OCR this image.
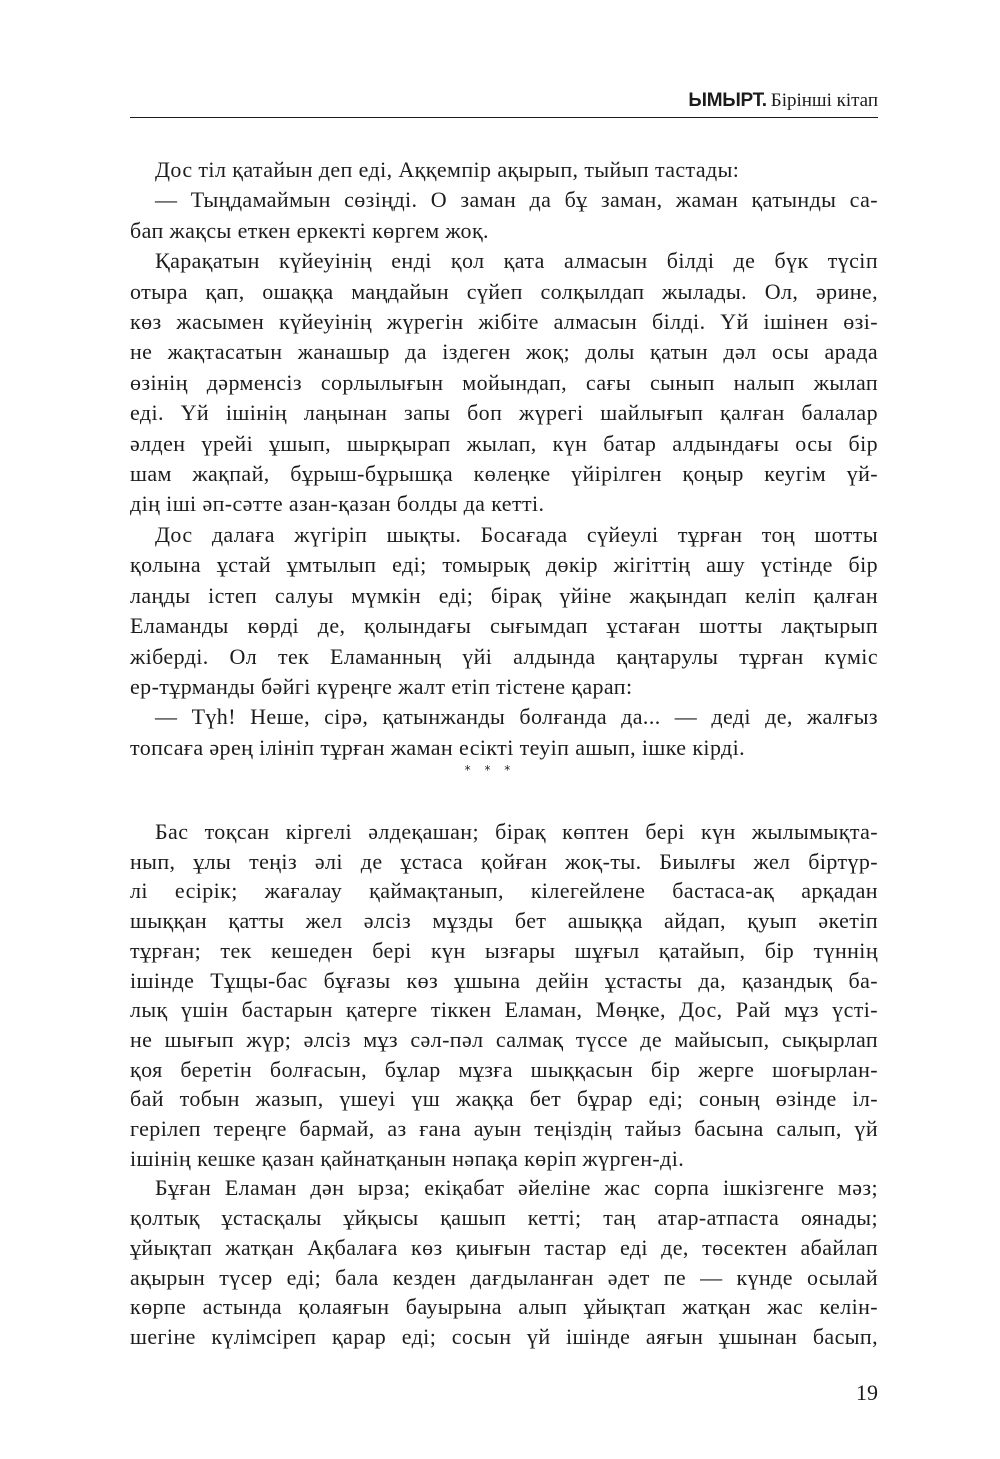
ЫМЫРТ. Бірінші кітап
Дос тіл қатайын деп еді, Аққемпір ақырып, тыйып тастады:
— Тыңдамаймын сөзіңді. О заман да бұ заман, жаман қатынды са-
бап жақсы еткен еркекті көргем жоқ.
Қарақатын күйеуінің енді қол қата алмасын білді де бүк түсіп
отыра қап, ошаққа маңдайын сүйеп солқылдап жылады. Ол, әрине,
көз жасымен күйеуінің жүрегін жібіте алмасын білді. Үй ішінен өзі-
не жақтасатын жанашыр да іздеген жоқ; долы қатын дәл осы арада
өзінің дәрменсіз сорлылығын мойындап, сағы сынып налып жылап
еді. Үй ішінің лаңынан запы боп жүрегі шайлығып қалған балалар
әлден үрейі ұшып, шырқырап жылап, күн батар алдындағы осы бір
шам жақпай, бұрыш-бұрышқа көлеңке үйірілген қоңыр кеугім үй-
дің іші әп-сәтте азан-қазан болды да кетті.
Дос далаға жүгіріп шықты. Босағада сүйеулі тұрған тоң шотты
қолына ұстай ұмтылып еді; томырық дөкір жігіттің ашу үстінде бір
лаңды істеп салуы мүмкін еді; бірақ үйіне жақындап келіп қалған
Еламанды көрді де, қолындағы сығымдап ұстаған шотты лақтырып
жіберді. Ол тек Еламанның үйі алдында қаңтарулы тұрған күміс
ер-тұрманды бәйгі күреңге жалт етіп тістене қарап:
— Түһ! Неше, сірә, қатынжанды болғанда да... — деді де, жалғыз
топсаға әрең ілініп тұрған жаман есікті теуіп ашып, ішке кірді.
* * *
Бас тоқсан кіргелі әлдеқашан; бірақ көптен бері күн жылымықта-
нып, ұлы теңіз әлі де ұстаса қойған жоқ-ты. Биылғы жел біртүр-
лі есірік; жағалау қаймақтанып, кілегейлене бастаса-ақ арқадан
шыққан қатты жел әлсіз мұзды бет ашыққа айдап, қуып әкетіп
тұрған; тек кешеден бері күн ызғары шұғыл қатайып, бір түннің
ішінде Тұщы-бас бұғазы көз ұшына дейін ұстасты да, қазандық ба-
лық үшін бастарын қатерге тіккен Еламан, Мөңке, Дос, Рай мұз үсті-
не шығып жүр; әлсіз мұз сәл-пәл салмақ түссе де майысып, сықырлап
қоя беретін болғасын, бұлар мұзға шыққасын бір жерге шоғырлан-
бай тобын жазып, үшеуі үш жаққа бет бұрар еді; соның өзінде іл-
герілеп тереңге бармай, аз ғана ауын теңіздің тайыз басына салып, үй
ішінің кешке қазан қайнатқанын нәпақа көріп жүрген-ді.
Бұған Еламан дән ырза; екіқабат әйеліне жас сорпа ішкізгенге мәз;
қолтық ұстасқалы ұйқысы қашып кетті; таң атар-атпаста оянады;
ұйықтап жатқан Ақбалаға көз қиығын тастар еді де, төсектен абайлап
ақырын түсер еді; бала кезден дағдыланған әдет пе — күнде осылай
көрпе астында қолаяғын бауырына алып ұйықтап жатқан жас келін-
шегіне күлімсіреп қарар еді; сосын үй ішінде аяғын ұшынан басып,
19
